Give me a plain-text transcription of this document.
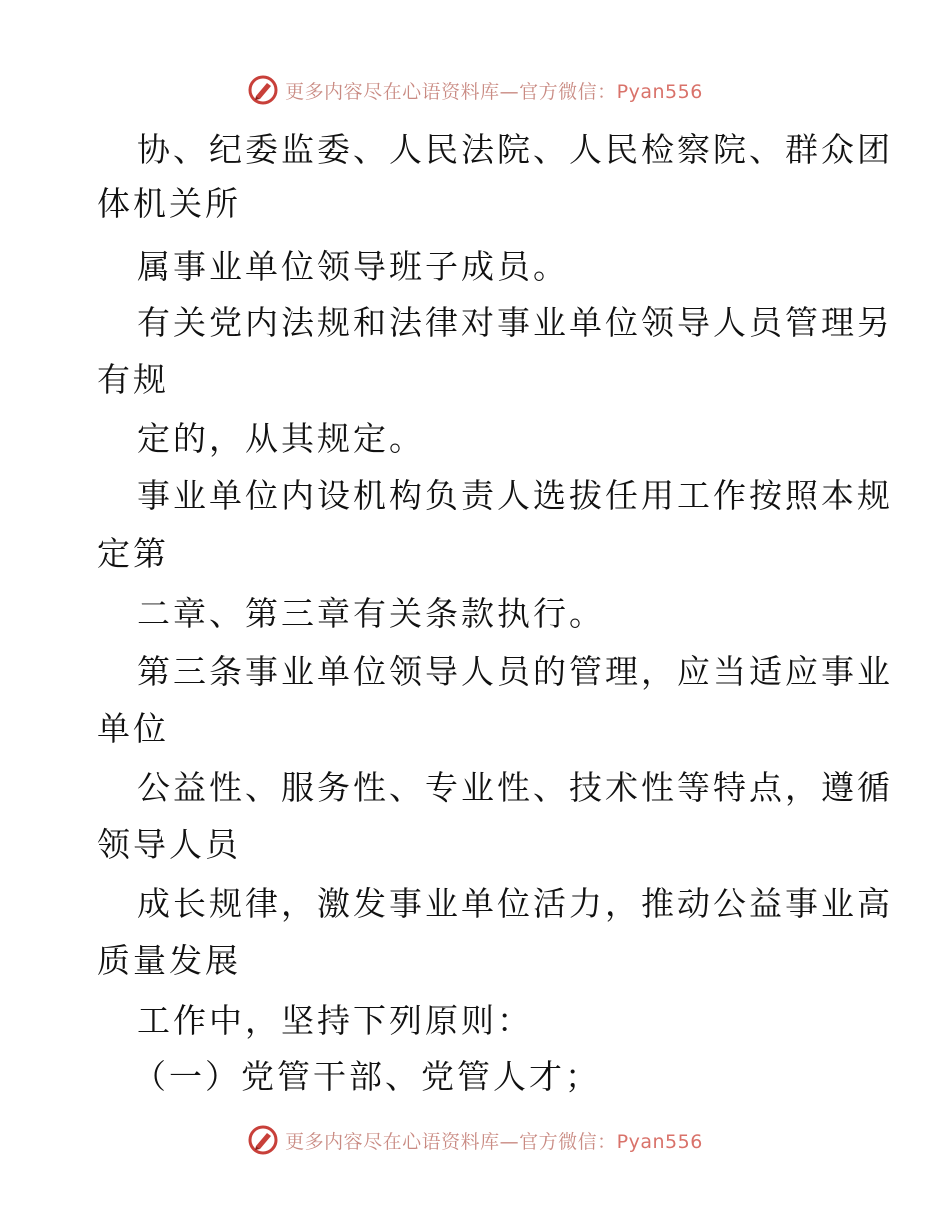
更多内容尽在心语资料库—官方微信：Pyan556
协、纪委监委、人民法院、人民检察院、群众团
体机关所
属事业单位领导班子成员。
有关党内法规和法律对事业单位领导人员管理另
有规
定的，从其规定。
事业单位内设机构负责人选拔任用工作按照本规
定第
二章、第三章有关条款执行。
第三条事业单位领导人员的管理，应当适应事业
单位
公益性、服务性、专业性、技术性等特点，遵循
领导人员
成长规律，激发事业单位活力，推动公益事业高
质量发展
工作中，坚持下列原则：
（一）党管干部、党管人才；
更多内容尽在心语资料库—官方微信：Pyan556
